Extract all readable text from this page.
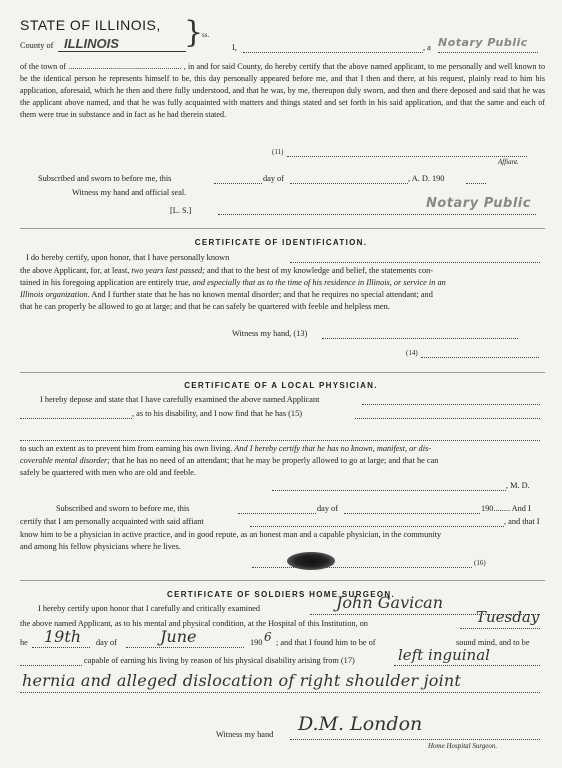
STATE OF ILLINOIS,
County of ILLINOIS }
ss.
I,	, a Notary Public
of the town of ........................................................ , in and for said County, do hereby certify that the above named applicant, to me personally and well known to be the identical person he represents himself to be, this day personally appeared before me, and that I then and there, at his request, plainly read to him his application, aforesaid, which he then and there fully understood, and that he was, by me, thereupon duly sworn, and then and there deposed and said that he was the applicant above named, and that he was fully acquainted with matters and things stated and set forth in his said application, and that the same and each of them were true in substance and in fact as he had therein stated.
(11)
Affiant.
Subscribed and sworn to before me, this	day of	, A. D. 190
Witness my hand and official seal.
[L. S.]	Notary Public
CERTIFICATE OF IDENTIFICATION.
I do hereby certify, upon honor, that I have personally known
the above Applicant, for, at least, two years last passed; and that to the best of my knowledge and belief, the statements con-
tained in his foregoing application are entirely true, and especially that as to the time of his residence in Illinois, or service in an
Illinois organization. And I further state that he has no known mental disorder; and that he requires no special attendant; and
that he can properly be allowed to go at large; and that he can safely be quartered with feeble and helpless men.
Witness my hand, (13)
(14)
CERTIFICATE OF A LOCAL PHYSICIAN.
I hereby depose and state that I have carefully examined the above named Applicant
, as to his disability, and I now find that he has (15)
to such an extent as to prevent him from earning his own living. And I hereby certify that he has no known, manifest, or dis-
coverable mental disorder; that he has no need of an attendant; that he may be properly allowed to go at large; and that he can
safely be quartered with men who are old and feeble.
, M. D.
Subscribed and sworn to before me, this	day of	190........ And I
certify that I am personally acquainted with said affiant	, and that I
know him to be a physician in active practice, and in good repute, as an honest man and a capable physician, in the community
and among his fellow physicians where he lives.
(16)
CERTIFICATE OF SOLDIERS HOME SURGEON.
I hereby certify upon honor that I carefully and critically examined	John Gavican
the above named Applicant, as to his mental and physical condition, at the Hospital of this Institution, on	Tuesday
he 19th day of	June	190 6 ; and that I found him to be of	sound mind, and to be
capable of earning his living by reason of his physical disability arising from (17)	left inguinal
hernia and alleged dislocation of right shoulder joint
Witness my hand D.M. London
Home Hospital Surgeon.
